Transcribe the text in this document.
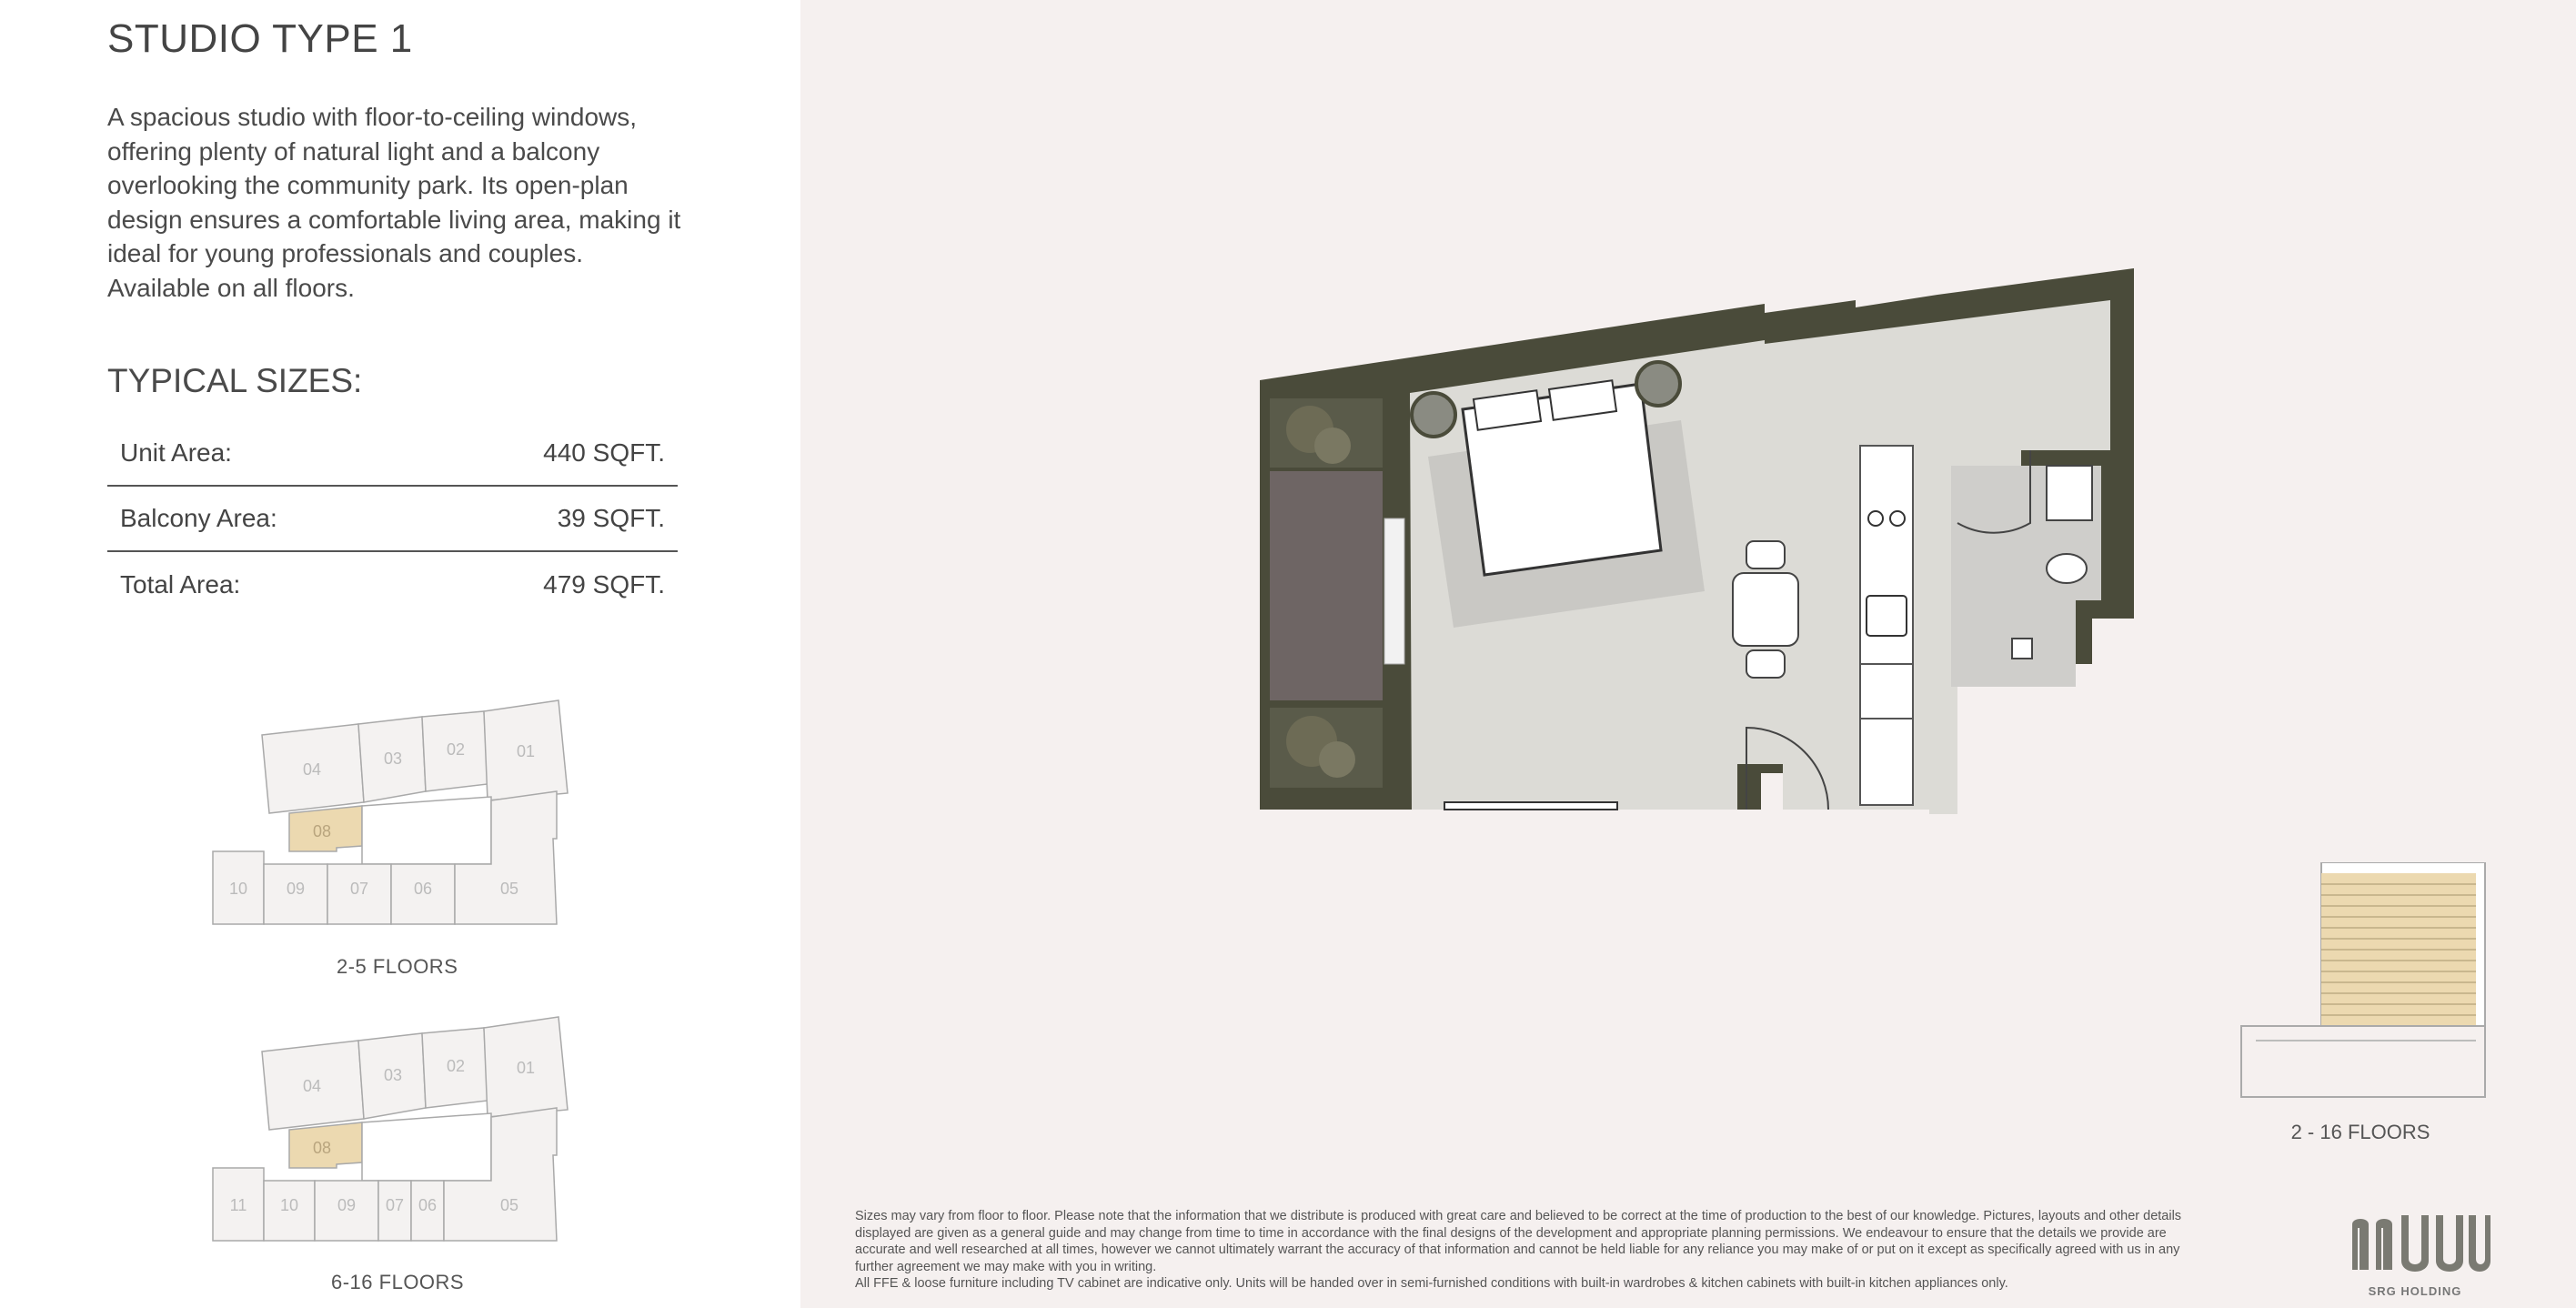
STUDIO TYPE 1
A spacious studio with floor-to-ceiling windows, offering plenty of natural light and a balcony overlooking the community park. Its open-plan design ensures a comfortable living area, making it ideal for young professionals and couples. Available on all floors.
TYPICAL SIZES:
Unit Area:	440 SQFT.
Balcony Area:	39 SQFT.
Total Area:	479 SQFT.
04
03	02	01
08
10 09	07	06	05
2-5 FLOORS
04
03	02	01
08
11 10 09 07 06	05
6-16 FLOORS
2 - 16 FLOORS
Sizes may vary from floor to floor. Please note that the information that we distribute is produced with great care and believed to be correct at the time of production to the best of our knowledge. Pictures, layouts and other details displayed are given as a general guide and may change from time to time in accordance with the final designs of the development and appropriate planning permissions. We endeavour to ensure that the details we provide are accurate and well researched at all times, however we cannot ultimately warrant the accuracy of that information and cannot be held liable for any reliance you may make of or put on it except as specifically agreed with us in any further agreement we may make with you in writing.
All FFE & loose furniture including TV cabinet are indicative only. Units will be handed over in semi-furnished conditions with built-in wardrobes & kitchen cabinets with built-in kitchen appliances only.
SRG HOLDING
